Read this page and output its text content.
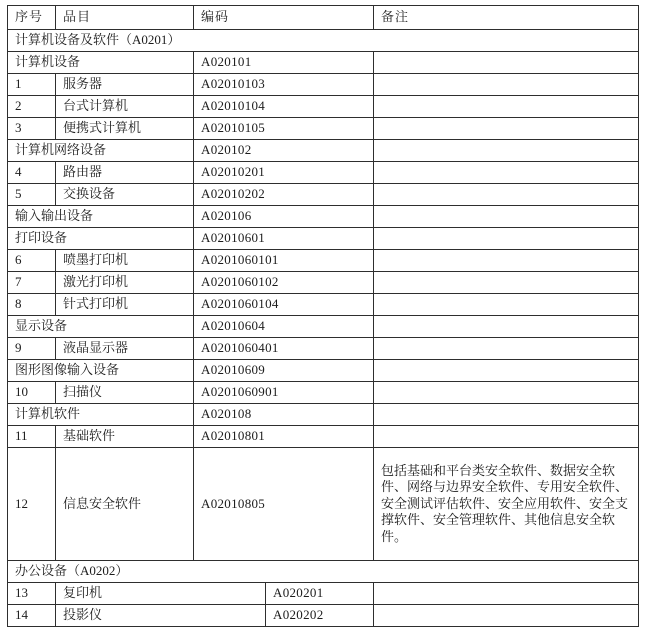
序号	品目	编码		备注
计算机设备及软件（A0201）				
计算机设备		A020101		
1	服务器	A02010103		
2	台式计算机	A02010104		
3	便携式计算机	A02010105		
计算机网络设备		A020102		
4	路由器	A02010201		
5	交换设备	A02010202		
输入输出设备		A020106		
打印设备		A02010601		
6	喷墨打印机	A0201060101		
7	激光打印机	A0201060102		
8	针式打印机	A0201060104		
显示设备		A02010604		
9	液晶显示器	A0201060401		
图形图像输入设备		A02010609		
10	扫描仪	A0201060901		
计算机软件		A020108		
11	基础软件	A02010801		
12	信息安全软件	A02010805		包括基础和平台类安全软件、数据安全软件、网络与边界安全软件、专用安全软件、安全测试评估软件、安全应用软件、安全支撑软件、安全管理软件、其他信息安全软件。
办公设备（A0202）				
13	复印机		A020201	
14	投影仪		A020202	
